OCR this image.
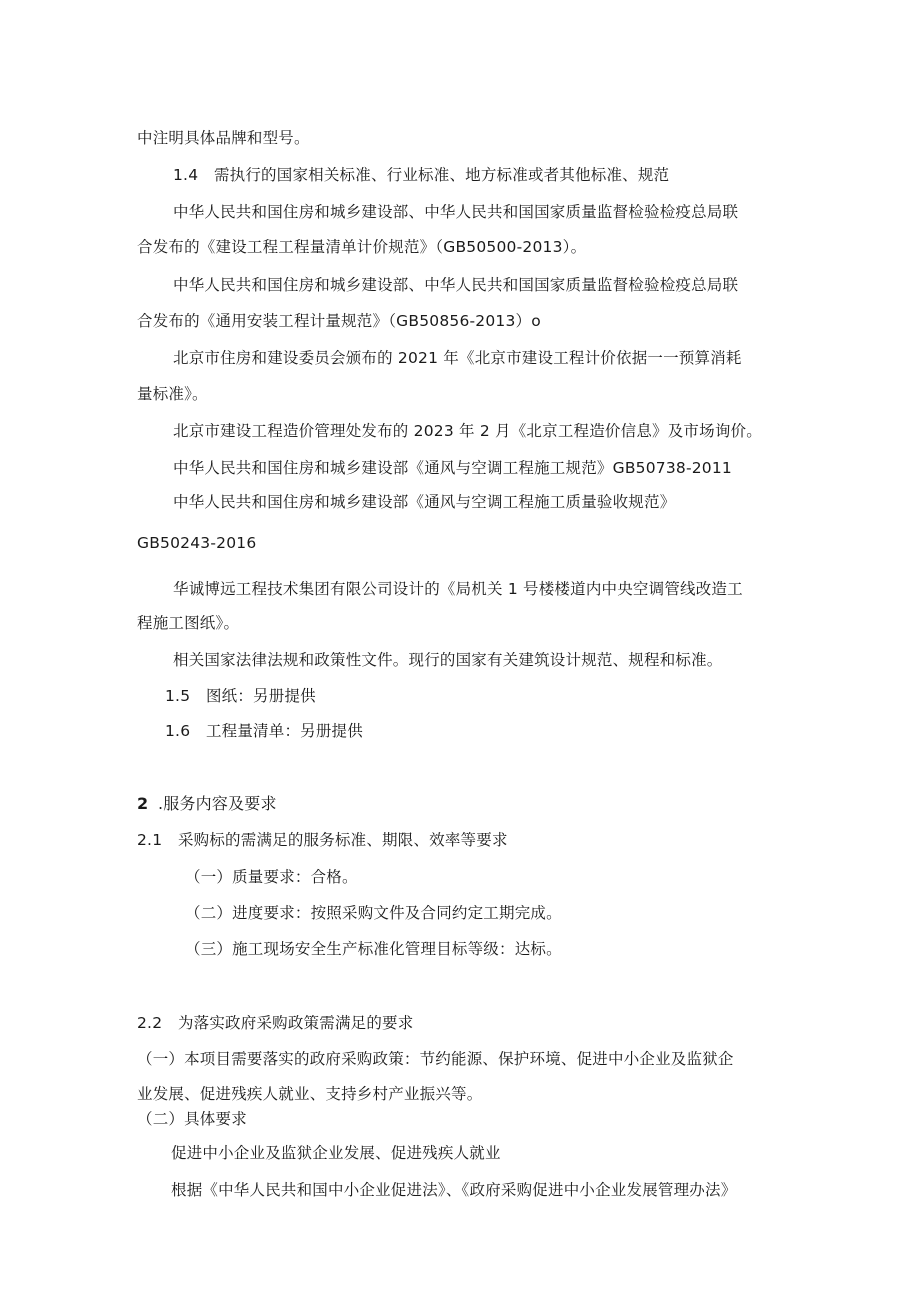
中注明具体品牌和型号。
1.4　需执行的国家相关标准、行业标准、地方标准或者其他标准、规范
中华人民共和国住房和城乡建设部、中华人民共和国国家质量监督检验检疫总局联
合发布的《建设工程工程量清单计价规范》（GB50500-2013）。
中华人民共和国住房和城乡建设部、中华人民共和国国家质量监督检验检疫总局联
合发布的《通用安装工程计量规范》（GB50856-2013）o
北京市住房和建设委员会颁布的 2021 年《北京市建设工程计价依据一一预算消耗
量标准》。
北京市建设工程造价管理处发布的 2023 年 2 月《北京工程造价信息》及市场询价。
中华人民共和国住房和城乡建设部《通风与空调工程施工规范》GB50738-2011
中华人民共和国住房和城乡建设部《通风与空调工程施工质量验收规范》
GB50243-2016
华诚博远工程技术集团有限公司设计的《局机关 1 号楼楼道内中央空调管线改造工
程施工图纸》。
相关国家法律法规和政策性文件。现行的国家有关建筑设计规范、规程和标准。
1.5　图纸：另册提供
1.6　工程量清单：另册提供
2 .服务内容及要求
2.1　采购标的需满足的服务标准、期限、效率等要求
（一）质量要求：合格。
（二）进度要求：按照采购文件及合同约定工期完成。
（三）施工现场安全生产标准化管理目标等级：达标。
2.2　为落实政府采购政策需满足的要求
（一）本项目需要落实的政府采购政策：节约能源、保护环境、促进中小企业及监狱企
业发展、促进残疾人就业、支持乡村产业振兴等。
（二）具体要求
促进中小企业及监狱企业发展、促进残疾人就业
根据《中华人民共和国中小企业促进法》、《政府采购促进中小企业发展管理办法》
